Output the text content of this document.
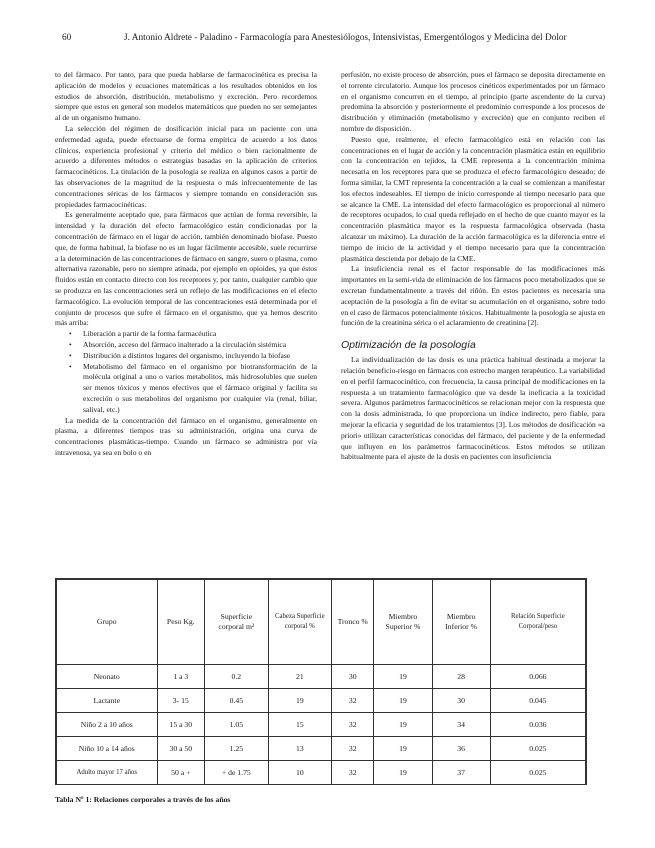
60	J. Antonio Aldrete - Paladino - Farmacología para Anestesiólogos, Intensivistas, Emergentólogos y Medicina del Dolor

to del fármaco. Por tanto, para que pueda hablarse de farmacocinética es precisa la aplicación de modelos y ecuaciones matemáticas a los resultados obtenidos en los estudios de absorción, distribución, metabolismo y excreción. Pero recordemos siempre que estos en general son modelos matemáticos que pueden no ser semejantes al de un organismo humano.

La selección del régimen de dosificación inicial para un paciente con una enfermedad aguda, puede efectuarse de forma empírica de acuerdo a los datos clínicos, experiencia profesional y criterio del médico o bien racionalmente de acuerdo a diferentes métodos o estrategias basadas en la aplicación de criterios farmacocinéticos. La titulación de la posología se realiza en algunos casos a partir de las observaciones de la magnitud de la respuesta o más infrecuentemente de las concentraciones séricas de los fármacos y siempre tomando en consideración sus propiedades farmacocinéticas.

Es generalmente aceptado que, para fármacos que actúan de forma reversible, la intensidad y la duración del efecto farmacológico están condicionadas por la concentración de fármaco en el lugar de acción, también denominado biofase. Puesto que, de forma habitual, la biofase no es un lugar fácilmente accesible, suele recurrirse a la determinación de las concentraciones de fármaco en sangre, suero o plasma, como alternativa razonable, pero no siempre atinada, por ejemplo en opioides, ya que éstos fluidos están en contacto directo con los receptores y, por tanto, cualquier cambio que se produzca en las concentraciones será un reflejo de las modificaciones en el efecto farmacológico. La evolución temporal de las concentraciones está determinada por el conjunto de procesos que sufre el fármaco en el organismo, que ya hemos descrito más arriba:

• Liberación a partir de la forma farmacéutica
• Absorción, acceso del fármaco inalterado a la circulación sistémica
• Distribución a distintos lugares del organismo, incluyendo la biofase
• Metabolismo del fármaco en el organismo por biotransformación de la molécula original a uno o varios metabolitos, más hidrosolubles que suelen ser menos tóxicos y menos efectivos que el fármaco original y facilita su excreción o sus metabolitos del organismo por cualquier vía (renal, biliar, salival, etc.)

La medida de la concentración del fármaco en el organismo, generalmente en plasma, a diferentes tiempos tras su administración, origina una curva de concentraciones plasmáticas-tiempo. Cuando un fármaco se administra por vía intravenosa, ya sea en bolo o en

perfusión, no existe proceso de absorción, pues el fármaco se deposita directamente en el torrente circulatorio. Aunque los procesos cinéticos experimentados por un fármaco en el organismo concurren en el tiempo, al principio (parte ascendente de la curva) predomina la absorción y posteriormente el predominio corresponde a los procesos de distribución y eliminación (metabolismo y excreción) que en conjunto reciben el nombre de disposición.

Puesto que, realmente, el efecto farmacológico está en relación con las concentraciones en el lugar de acción y la concentración plasmática están en equilibrio con la concentración en tejidos, la CME representa a la concentración mínima necesaria en los receptores para que se produzca el efecto farmacológico deseado; de forma similar, la CMT representa la concentración a la cual se comienzan a manifestar los efectos indeseables. El tiempo de inicio corresponde al tiempo necesario para que se alcance la CME. La intensidad del efecto farmacológico es proporcional al número de receptores ocupados, lo cual queda reflejado en el hecho de que cuanto mayor es la concentración plasmática mayor es la respuesta farmacológica observada (hasta alcanzar un máximo). La duración de la acción farmacológica es la diferencia entre el tiempo de inicio de la actividad y el tiempo necesario para que la concentración plasmática descienda por debajo de la CME.

La insuficiencia renal es el factor responsable de las modificaciones más importantes en la semi-vida de eliminación de los fármacos poco metabolizados que se excretan fundamentalmente a través del riñón. En estos pacientes es necesaria una aceptación de la posología a fin de evitar su acumulación en el organismo, sobre todo en el caso de fármacos potencialmente tóxicos. Habitualmente la posología se ajusta en función de la creatinina sérica o el aclaramiento de creatinina [2].

Optimización de la posología

La individualización de las dosis es una práctica habitual destinada a mejorar la relación beneficio-riesgo en fármacos con estrecho margen terapéutico. La variabilidad en el perfil farmacocinético, con frecuencia, la causa principal de modificaciones en la respuesta a un tratamiento farmacológico que va desde la ineficacia a la toxicidad severa. Algunos parámetros farmacocinéticos se relacionan mejor con la respuesta que con la dosis administrada, lo que proporciona un índice indirecto, pero fiable, para mejorar la eficacia y seguridad de los tratamientos [3]. Los métodos de dosificación «a priori» utilizan características conocidas del fármaco, del paciente y de la enfermedad que influyen en los parámetros farmacocinéticos. Estos métodos se utilizan habitualmente para el ajuste de la dosis en pacientes con insuficiencia

Grupo	Peso Kg.	Superficie corporal m²	Cabeza Superficie corporal %	Tronco %	Miembro Superior %	Miembro Inferior %	Relación Superficie Corporal/peso
Neonato	1 a 3	0.2	21	30	19	28	0.066
Lactante	3- 15	0.45	19	32	19	30	0.045
Niño 2 a 10 años	15 a 30	1.05	15	32	19	34	0.036
Niño 10 a 14 años	30 a 50	1.25	13	32	19	36	0.025
Adulto mayor 17 años	50 a +	+ de 1.75	10	32	19	37	0.025
Tabla Nº 1: Relaciones corporales a través de los años
